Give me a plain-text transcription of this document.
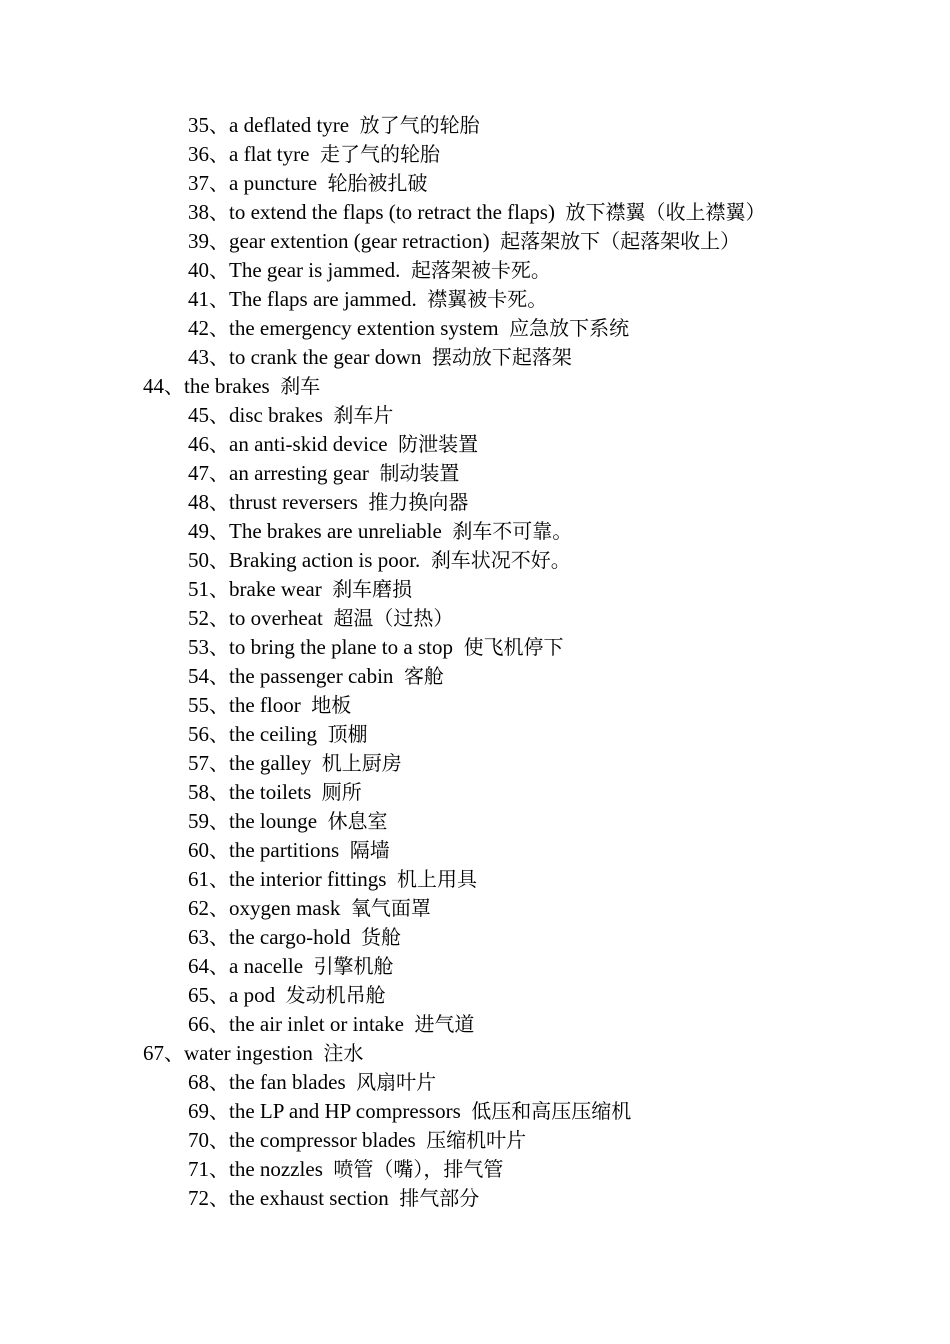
35、a deflated tyre 放了气的轮胎
36、a flat tyre 走了气的轮胎
37、a puncture 轮胎被扎破
38、to extend the flaps (to retract the flaps) 放下襟翼（收上襟翼）
39、gear extention (gear retraction) 起落架放下（起落架收上）
40、The gear is jammed. 起落架被卡死。
41、The flaps are jammed. 襟翼被卡死。
42、the emergency extention system 应急放下系统
43、to crank the gear down 摆动放下起落架
44、the brakes 刹车
45、disc brakes 刹车片
46、an anti-skid device 防泄装置
47、an arresting gear 制动装置
48、thrust reversers 推力换向器
49、The brakes are unreliable 刹车不可靠。
50、Braking action is poor. 刹车状况不好。
51、brake wear 刹车磨损
52、to overheat 超温（过热）
53、to bring the plane to a stop 使飞机停下
54、the passenger cabin 客舱
55、the floor 地板
56、the ceiling 顶棚
57、the galley 机上厨房
58、the toilets 厕所
59、the lounge 休息室
60、the partitions 隔墙
61、the interior fittings 机上用具
62、oxygen mask 氧气面罩
63、the cargo-hold 货舱
64、a nacelle 引擎机舱
65、a pod 发动机吊舱
66、the air inlet or intake 进气道
67、water ingestion 注水
68、the fan blades 风扇叶片
69、the LP and HP compressors 低压和高压压缩机
70、the compressor blades 压缩机叶片
71、the nozzles 喷管（嘴），排气管
72、the exhaust section 排气部分
